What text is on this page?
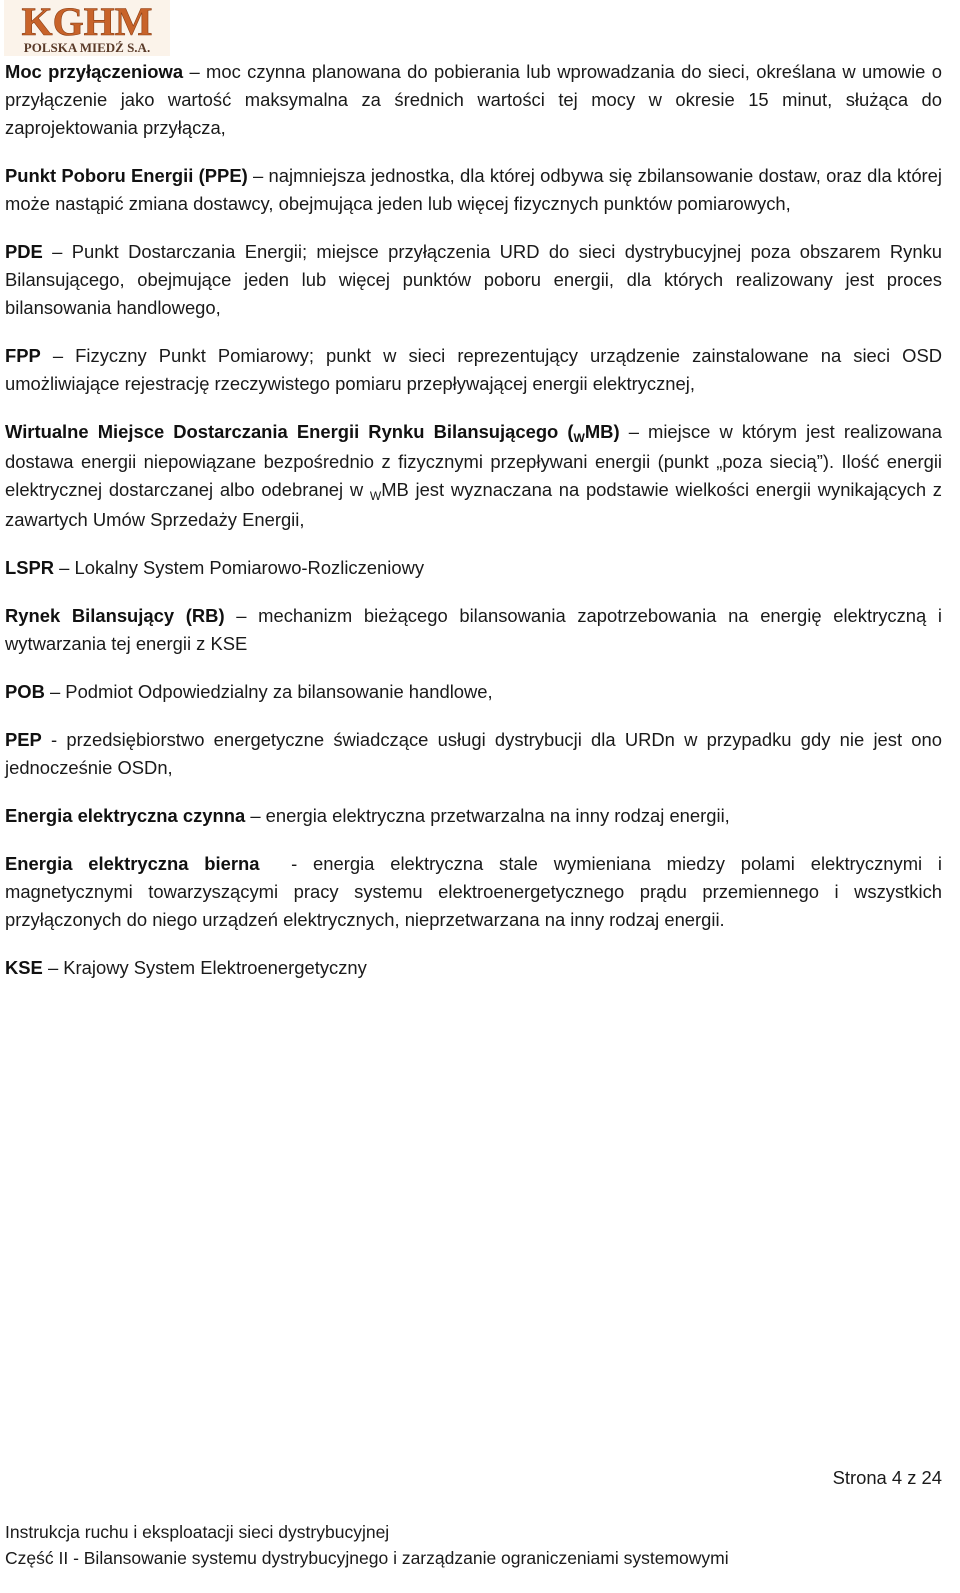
KGHM
POLSKA MIEDŹ S.A.

Moc przyłączeniowa – moc czynna planowana do pobierania lub wprowadzania do sieci, określana w umowie o przyłączenie jako wartość maksymalna za średnich wartości tej mocy w okresie 15 minut, służąca do zaprojektowania przyłącza,

Punkt Poboru Energii (PPE) – najmniejsza jednostka, dla której odbywa się zbilansowanie dostaw, oraz dla której może nastąpić zmiana dostawcy, obejmująca jeden lub więcej fizycznych punktów pomiarowych,

PDE – Punkt Dostarczania Energii; miejsce przyłączenia URD do sieci dystrybucyjnej poza obszarem Rynku Bilansującego, obejmujące jeden lub więcej punktów poboru energii, dla których realizowany jest proces bilansowania handlowego,

FPP – Fizyczny Punkt Pomiarowy; punkt w sieci reprezentujący urządzenie zainstalowane na sieci OSD umożliwiające rejestrację rzeczywistego pomiaru przepływającej energii elektrycznej,

Wirtualne Miejsce Dostarczania Energii Rynku Bilansującego $(_WMB)$ – miejsce w którym jest realizowana dostawa energii niepowiązane bezpośrednio z fizycznymi przepływani energii (punkt „poza siecią”). Ilość energii elektrycznej dostarczanej albo odebranej w $_W$MB jest wyznaczana na podstawie wielkości energii wynikających z zawartych Umów Sprzedaży Energii,

LSPR – Lokalny System Pomiarowo-Rozliczeniowy

Rynek Bilansujący (RB) – mechanizm bieżącego bilansowania zapotrzebowania na energię elektryczną i wytwarzania tej energii z KSE

POB – Podmiot Odpowiedzialny za bilansowanie handlowe,

PEP - przedsiębiorstwo energetyczne świadczące usługi dystrybucji dla URDn w przypadku gdy nie jest ono jednocześnie OSDn,

Energia elektryczna czynna – energia elektryczna przetwarzalna na inny rodzaj energii,

Energia elektryczna bierna  - energia elektryczna stale wymieniana miedzy polami elektrycznymi i magnetycznymi towarzyszącymi pracy systemu elektroenergetycznego prądu przemiennego i wszystkich przyłączonych do niego urządzeń elektrycznych, nieprzetwarzana na inny rodzaj energii.

KSE – Krajowy System Elektroenergetyczny

Strona 4 z 24
Instrukcja ruchu i eksploatacji sieci dystrybucyjnej
Część II - Bilansowanie systemu dystrybucyjnego i zarządzanie ograniczeniami systemowymi
